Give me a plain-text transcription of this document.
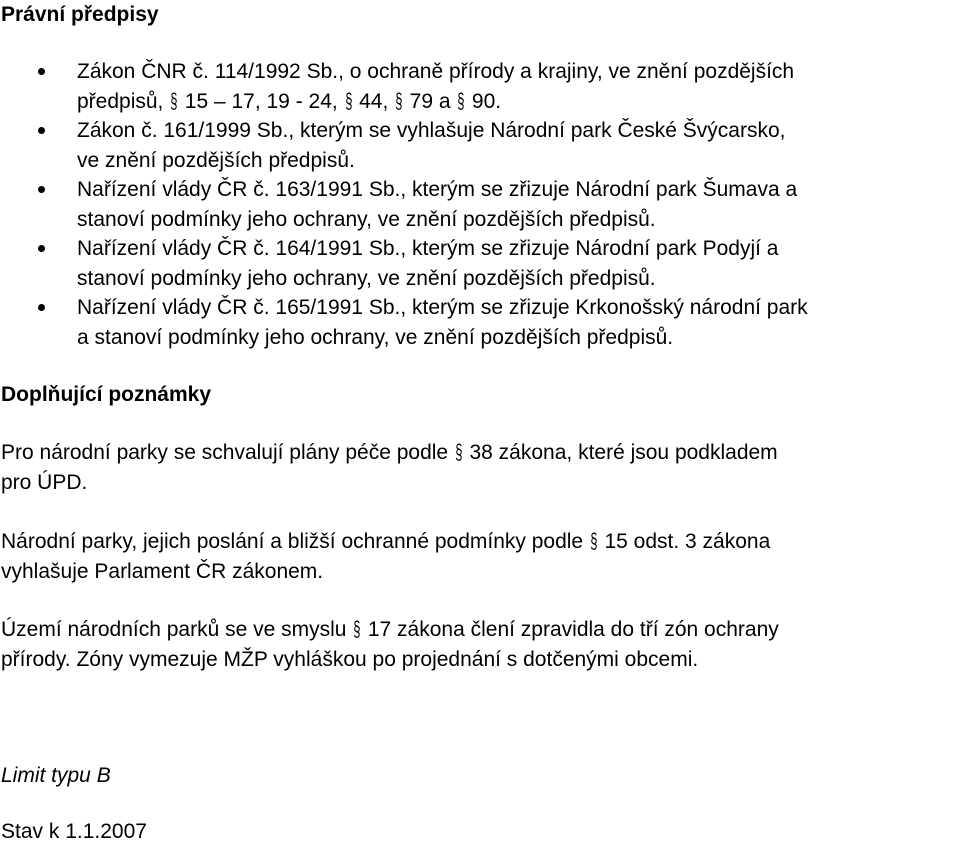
Právní předpisy
Zákon ČNR č. 114/1992 Sb., o ochraně přírody a krajiny, ve znění pozdějších
předpisů, § 15 – 17, 19 - 24, § 44, § 79 a § 90.
Zákon č. 161/1999 Sb., kterým se vyhlašuje Národní park České Švýcarsko,
ve znění pozdějších předpisů.
Nařízení vlády ČR č. 163/1991 Sb., kterým se zřizuje Národní park Šumava a
stanoví podmínky jeho ochrany, ve znění pozdějších předpisů.
Nařízení vlády ČR č. 164/1991 Sb., kterým se zřizuje Národní park Podyjí a
stanoví podmínky jeho ochrany, ve znění pozdějších předpisů.
Nařízení vlády ČR č. 165/1991 Sb., kterým se zřizuje Krkonošský národní park
a stanoví podmínky jeho ochrany, ve znění pozdějších předpisů.
Doplňující poznámky

Pro národní parky se schvalují plány péče podle § 38 zákona, které jsou podkladem
pro ÚPD.

Národní parky, jejich poslání a bližší ochranné podmínky podle § 15 odst. 3 zákona
vyhlašuje Parlament ČR zákonem.

Území národních parků se ve smyslu § 17 zákona člení zpravidla do tří zón ochrany
přírody. Zóny vymezuje MŽP vyhláškou po projednání s dotčenými obcemi.

Limit typu B

Stav k 1.1.2007
